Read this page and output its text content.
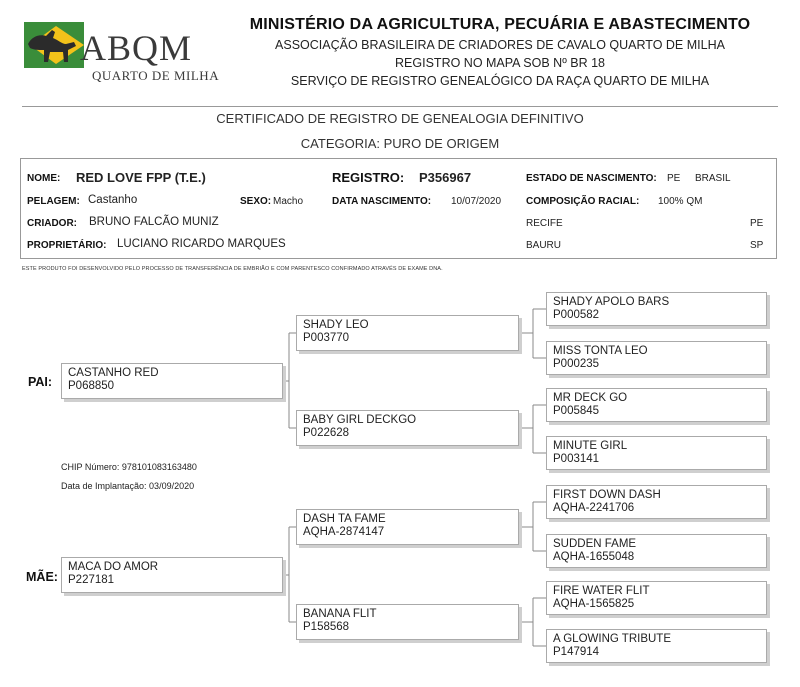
ABQM
QUARTO DE MILHA
MINISTÉRIO DA AGRICULTURA, PECUÁRIA E ABASTECIMENTO
ASSOCIAÇÃO BRASILEIRA DE CRIADORES DE CAVALO QUARTO DE MILHA
REGISTRO NO MAPA SOB Nº BR 18
SERVIÇO DE REGISTRO GENEALÓGICO DA RAÇA QUARTO DE MILHA
CERTIFICADO DE REGISTRO DE GENEALOGIA DEFINITIVO
CATEGORIA: PURO DE ORIGEM
NOME: RED LOVE FPP (T.E.)	REGISTRO: P356967	ESTADO DE NASCIMENTO: PE BRASIL
PELAGEM: Castanho	SEXO: Macho	DATA NASCIMENTO: 10/07/2020 COMPOSIÇÃO RACIAL: 100% QM
CRIADOR: BRUNO FALCÃO MUNIZ	RECIFE	PE
PROPRIETÁRIO: LUCIANO RICARDO MARQUES	BAURU	SP
ESTE PRODUTO FOI DESENVOLVIDO PELO PROCESSO DE TRANSFERÊNCIA DE EMBRIÃO E COM PARENTESCO CONFIRMADO ATRAVÉS DE EXAME DNA.
PAI:
MÃE:
CASTANHO RED
P068850
MACA DO AMOR
P227181
SHADY LEO
P003770
BABY GIRL DECKGO
P022628
DASH TA FAME
AQHA-2874147
BANANA FLIT
P158568
SHADY APOLO BARS
P000582
MISS TONTA LEO
P000235
MR DECK GO
P005845
MINUTE GIRL
P003141
FIRST DOWN DASH
AQHA-2241706
SUDDEN FAME
AQHA-1655048
FIRE WATER FLIT
AQHA-1565825
A GLOWING TRIBUTE
P147914
CHIP Número: 978101083163480
Data de Implantação: 03/09/2020
